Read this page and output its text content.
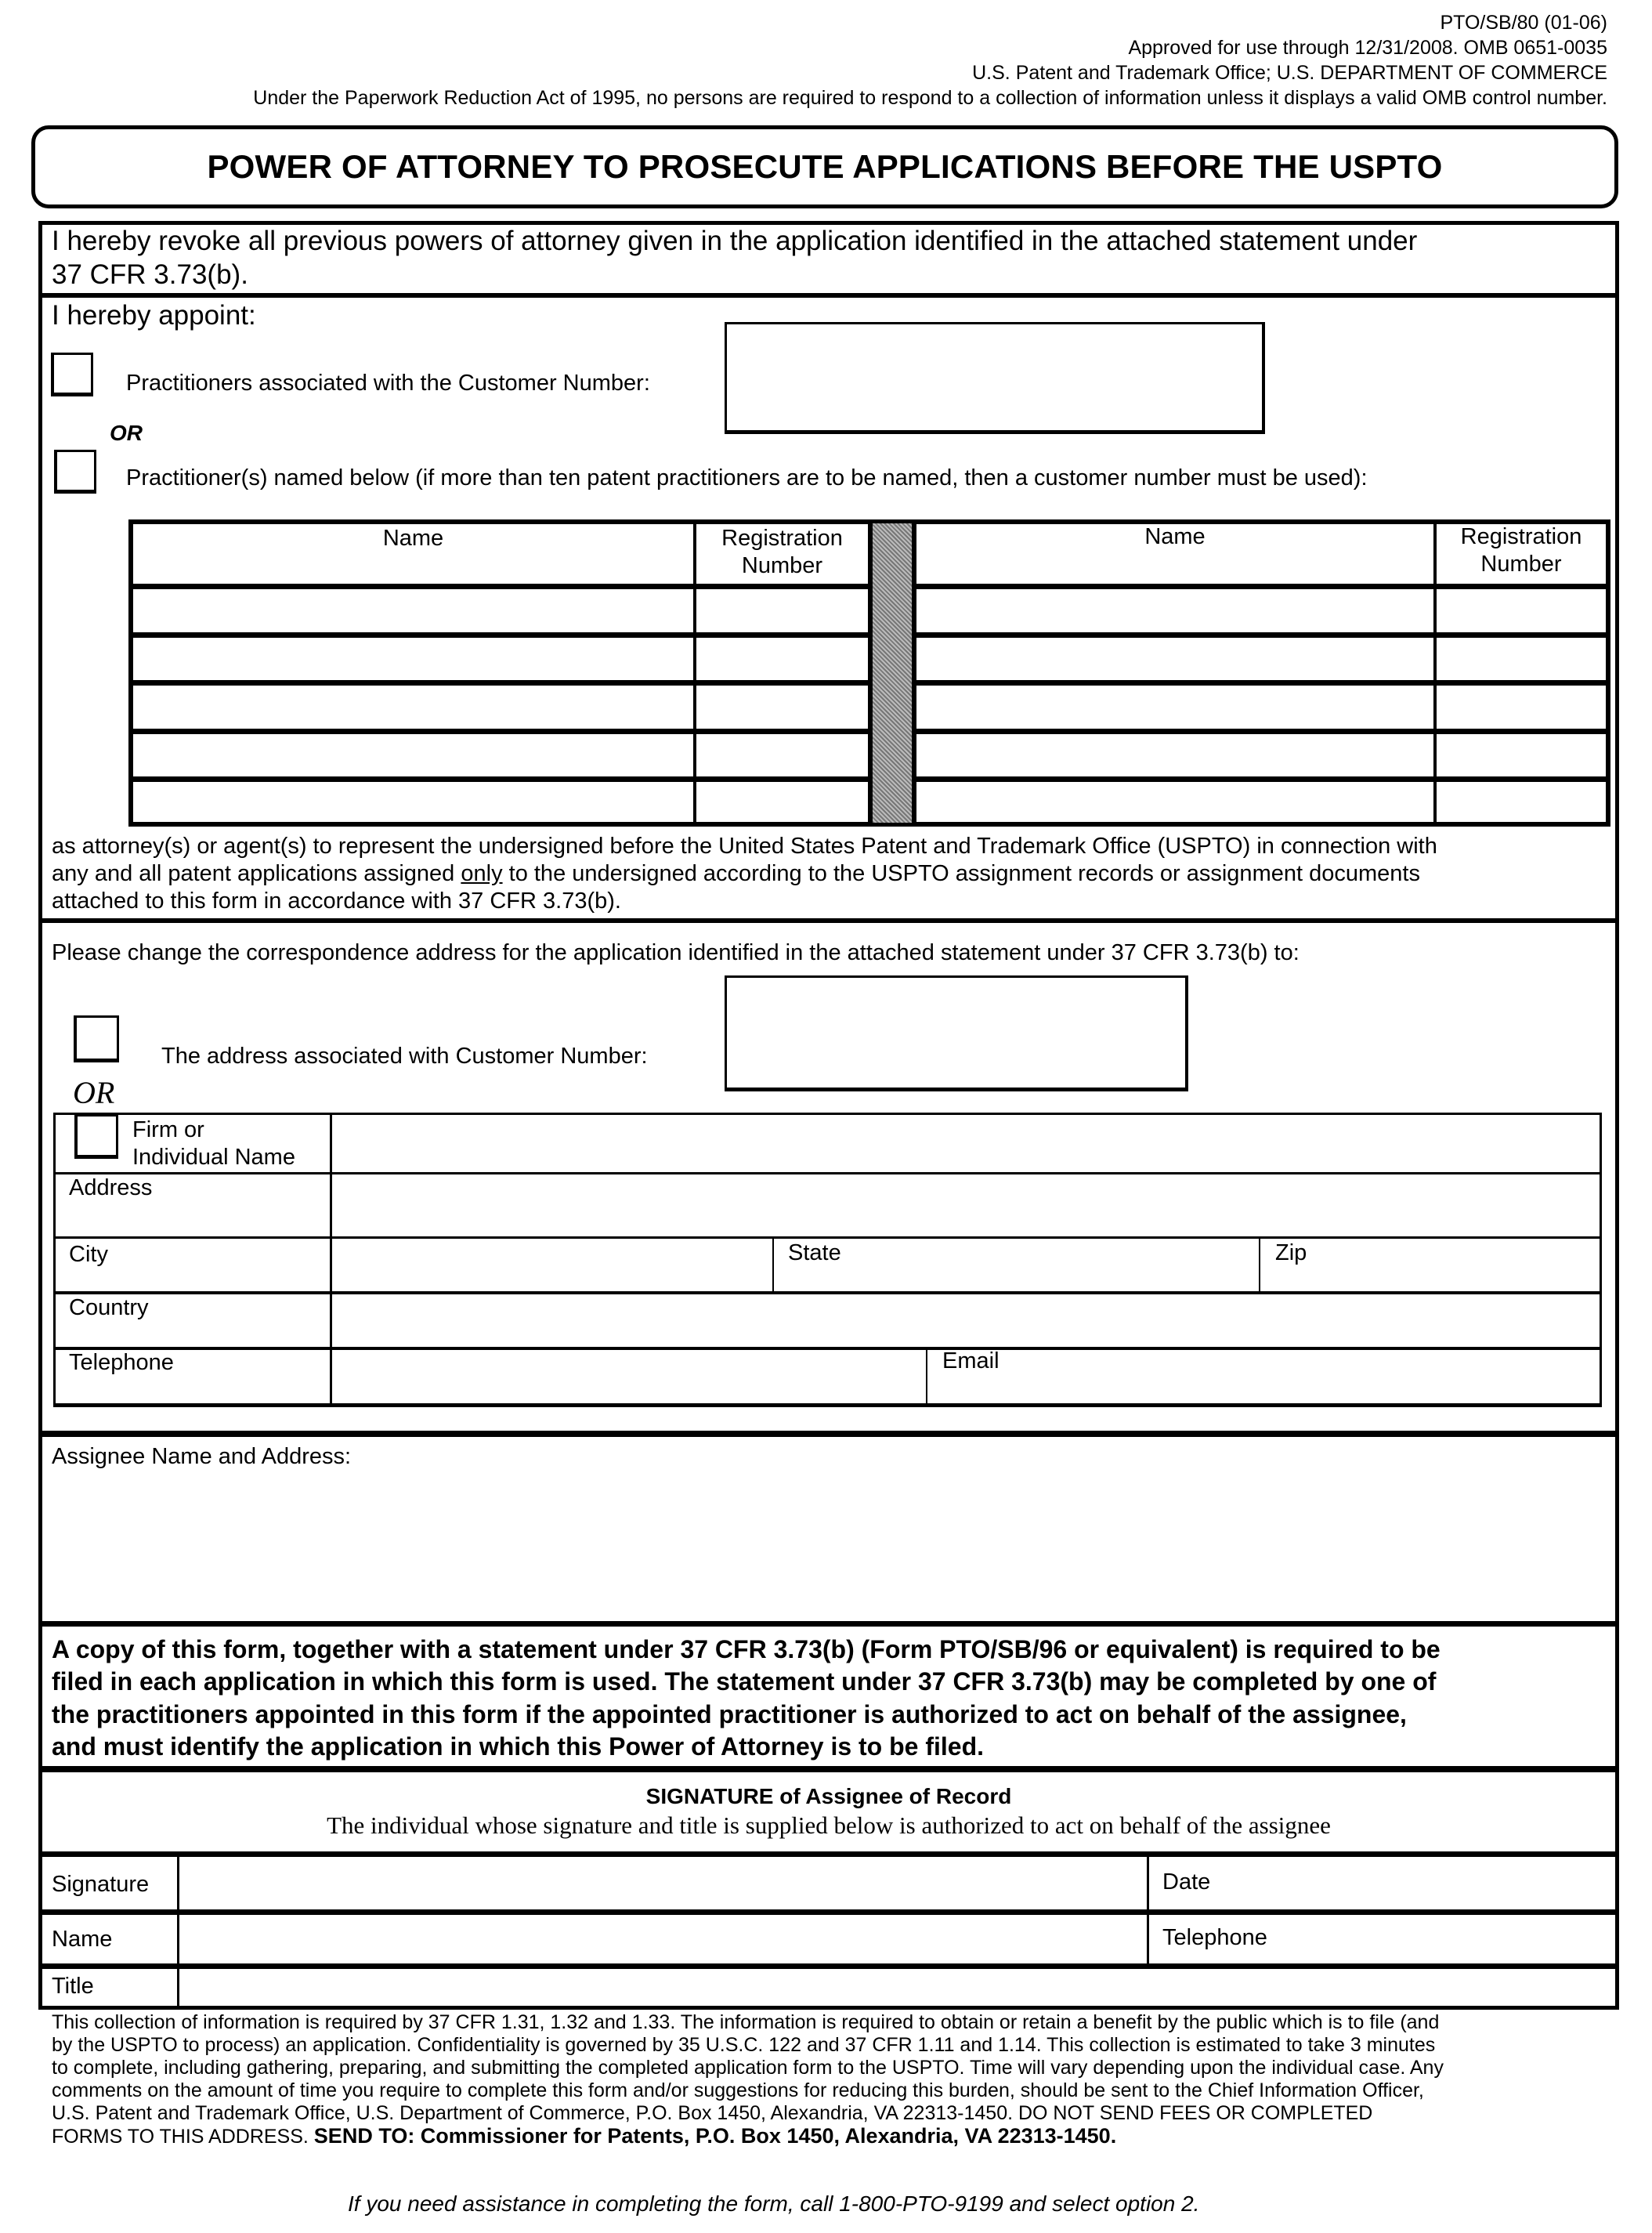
PTO/SB/80 (01-06)
Approved for use through 12/31/2008. OMB 0651-0035
U.S. Patent and Trademark Office; U.S. DEPARTMENT OF COMMERCE
Under the Paperwork Reduction Act of 1995, no persons are required to respond to a collection of information unless it displays a valid OMB control number.
POWER OF ATTORNEY TO PROSECUTE APPLICATIONS BEFORE THE USPTO
I hereby revoke all previous powers of attorney given in the application identified in the attached statement under
37 CFR 3.73(b).
I hereby appoint:
Practitioners associated with the Customer Number:
OR
Practitioner(s) named below (if more than ten patent practitioners are to be named, then a customer number must be used):
Name	Registration
Number
Name	Registration
Number
as attorney(s) or agent(s) to represent the undersigned before the United States Patent and Trademark Office (USPTO) in connection with
any and all patent applications assigned only to the undersigned according to the USPTO assignment records or assignment documents
attached to this form in accordance with 37 CFR 3.73(b).
Please change the correspondence address for the application identified in the attached statement under 37 CFR 3.73(b) to:
The address associated with Customer Number:
OR
Firm or
Individual Name
Address
City	State	Zip
Country
Telephone	Email
Assignee Name and Address:
A copy of this form, together with a statement under 37 CFR 3.73(b) (Form PTO/SB/96 or equivalent) is required to be
filed in each application in which this form is used. The statement under 37 CFR 3.73(b) may be completed by one of
the practitioners appointed in this form if the appointed practitioner is authorized to act on behalf of the assignee,
and must identify the application in which this Power of Attorney is to be filed.
SIGNATURE of Assignee of Record
The individual whose signature and title is supplied below is authorized to act on behalf of the assignee
Signature	Date
Name	Telephone
Title
This collection of information is required by 37 CFR 1.31, 1.32 and 1.33. The information is required to obtain or retain a benefit by the public which is to file (and
by the USPTO to process) an application. Confidentiality is governed by 35 U.S.C. 122 and 37 CFR 1.11 and 1.14. This collection is estimated to take 3 minutes
to complete, including gathering, preparing, and submitting the completed application form to the USPTO. Time will vary depending upon the individual case. Any
comments on the amount of time you require to complete this form and/or suggestions for reducing this burden, should be sent to the Chief Information Officer,
U.S. Patent and Trademark Office, U.S. Department of Commerce, P.O. Box 1450, Alexandria, VA 22313-1450. DO NOT SEND FEES OR COMPLETED
FORMS TO THIS ADDRESS. SEND TO: Commissioner for Patents, P.O. Box 1450, Alexandria, VA 22313-1450.
If you need assistance in completing the form, call 1-800-PTO-9199 and select option 2.
